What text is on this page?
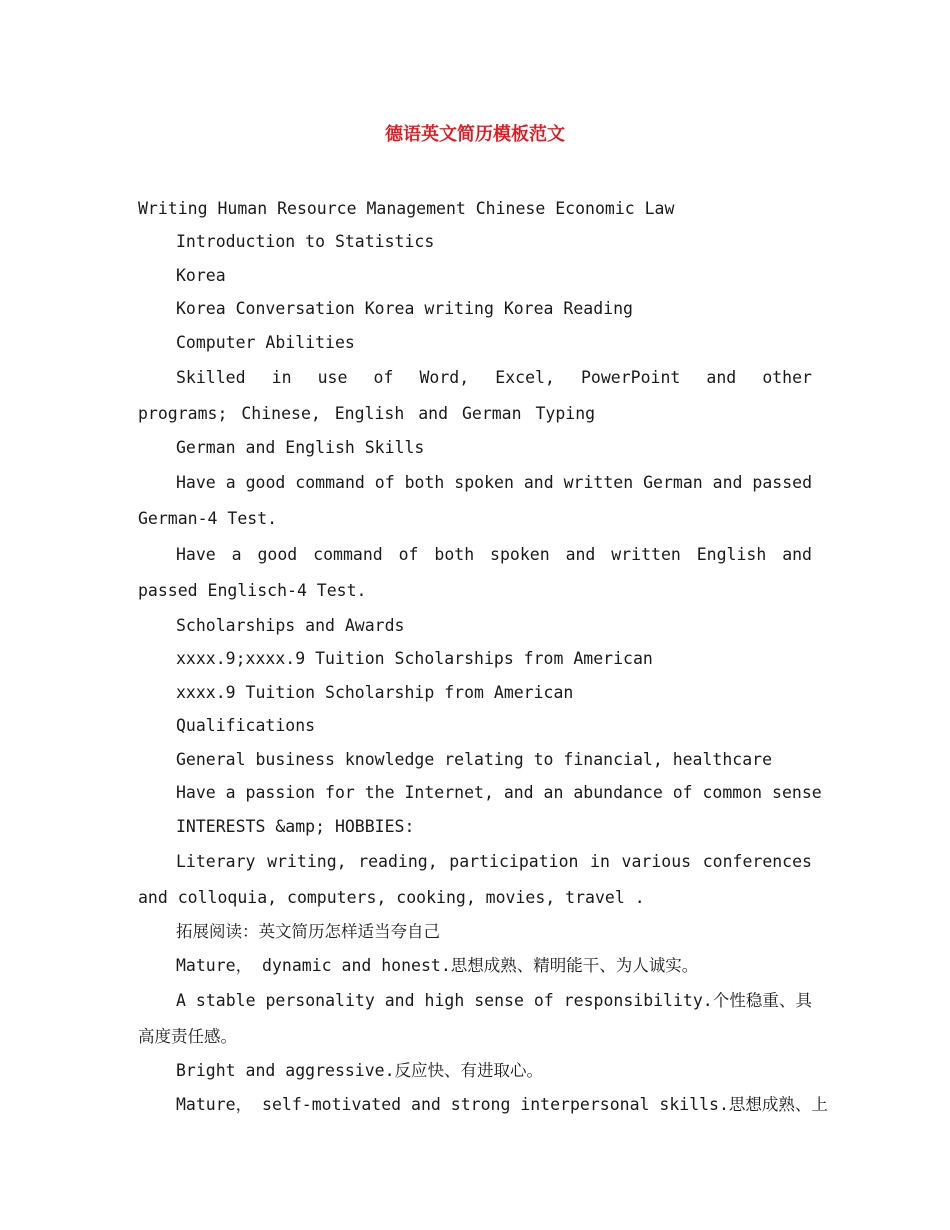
德语英文简历模板范文

Writing Human Resource Management Chinese Economic Law

Introduction to Statistics

Korea

Korea Conversation Korea writing Korea Reading

Computer Abilities

Skilled in use of Word, Excel, PowerPoint and other programs; Chinese, English and German Typing

German and English Skills

Have a good command of both spoken and written German and passed German-4 Test.

Have a good command of both spoken and written English and passed Englisch-4 Test.

Scholarships and Awards

xxxx.9;xxxx.9 Tuition Scholarships from American

xxxx.9 Tuition Scholarship from American

Qualifications

General business knowledge relating to financial, healthcare

Have a passion for the Internet, and an abundance of common sense

INTERESTS &amp; HOBBIES:

Literary writing, reading, participation in various conferences and colloquia, computers, cooking, movies, travel .

拓展阅读：英文简历怎样适当夸自己

Mature， dynamic and honest.思想成熟、精明能干、为人诚实。

A stable personality and high sense of responsibility.个性稳重、具高度责任感。

Bright and aggressive.反应快、有进取心。

Mature， self-motivated and strong interpersonal skills.思想成熟、上
